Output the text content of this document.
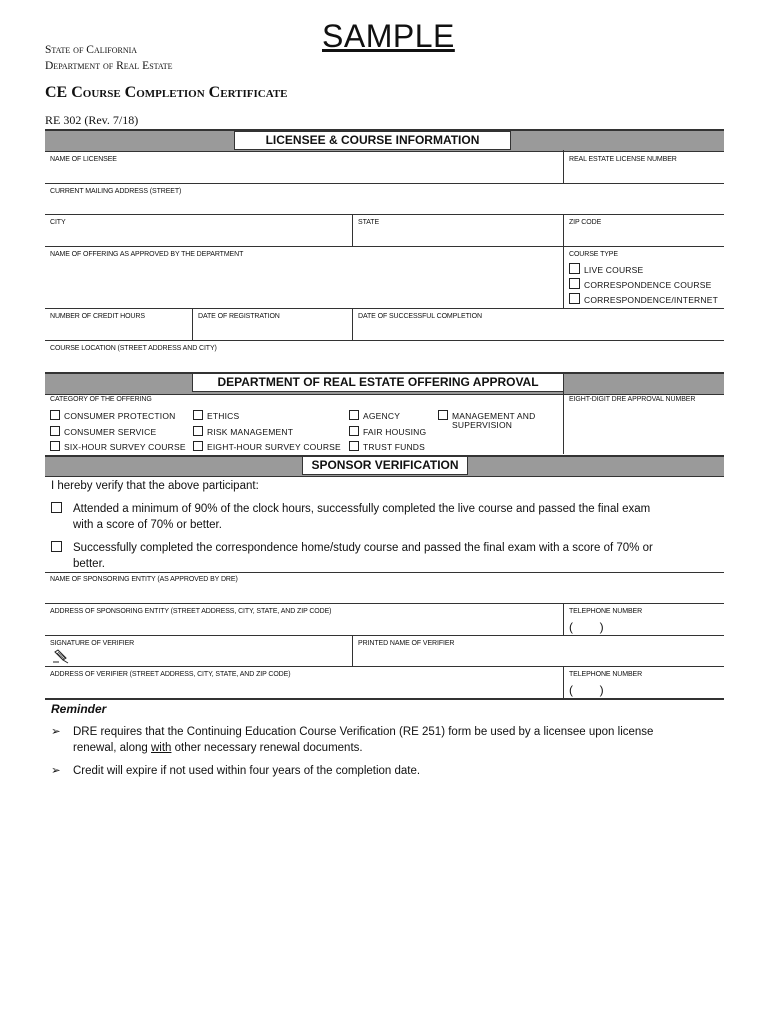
SAMPLE
State of California
Department of Real Estate
CE Course Completion Certificate
RE 302 (Rev. 7/18)
LICENSEE & COURSE INFORMATION
NAME OF LICENSEE	REAL ESTATE LICENSE NUMBER
CURRENT MAILING ADDRESS (STREET)
CITY	STATE	ZIP CODE
NAME OF OFFERING AS APPROVED BY THE DEPARTMENT	COURSE TYPE
LIVE COURSE
CORRESPONDENCE COURSE
CORRESPONDENCE/INTERNET
NUMBER OF CREDIT HOURS	DATE OF REGISTRATION	DATE OF SUCCESSFUL COMPLETION
COURSE LOCATION (STREET ADDRESS AND CITY)
DEPARTMENT OF REAL ESTATE OFFERING APPROVAL
CATEGORY OF THE OFFERING	EIGHT-DIGIT DRE APPROVAL NUMBER
CONSUMER PROTECTION
CONSUMER SERVICE
SIX-HOUR SURVEY COURSE
ETHICS
RISK MANAGEMENT
EIGHT-HOUR SURVEY COURSE
AGENCY
FAIR HOUSING
TRUST FUNDS
MANAGEMENT AND
SUPERVISION
SPONSOR VERIFICATION
I hereby verify that the above participant:
Attended a minimum of 90% of the clock hours, successfully completed the live course and passed the final exam
with a score of 70% or better.
Successfully completed the correspondence home/study course and passed the final exam with a score of 70% or
better.
NAME OF SPONSORING ENTITY (AS APPROVED BY DRE)
ADDRESS OF SPONSORING ENTITY (STREET ADDRESS, CITY, STATE, AND ZIP CODE)	TELEPHONE NUMBER
(        )
SIGNATURE OF VERIFIER	PRINTED NAME OF VERIFIER
ADDRESS OF VERIFIER (STREET ADDRESS, CITY, STATE, AND ZIP CODE)	TELEPHONE NUMBER
(        )
Reminder
➢ DRE requires that the Continuing Education Course Verification (RE 251) form be used by a licensee upon license
renewal, along with other necessary renewal documents.
➢ Credit will expire if not used within four years of the completion date.
